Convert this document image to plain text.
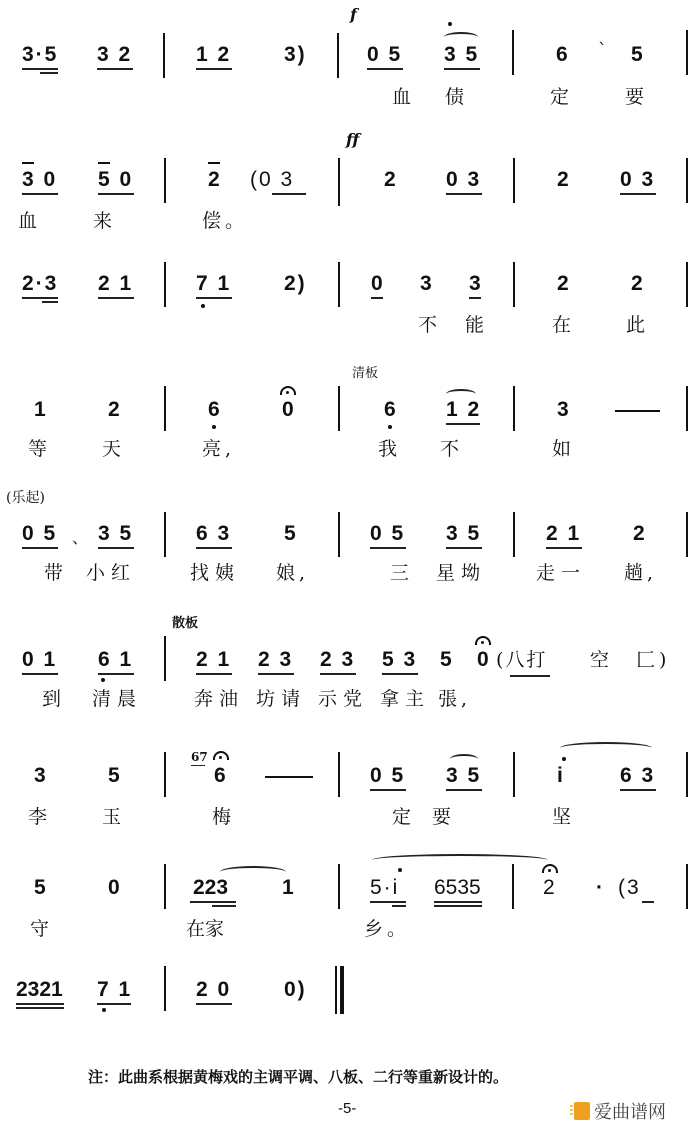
f
3·5 3 2	1 2	3)	0 5 3 5	6 ˋ 5
血 债	定	要
ff
3 0 5 0	2 (0 3	2 0 3	2 0 3
血	来	偿。
2·3 2 1	7 1	2)	0 3 3	2	2
不 能	在	此
清板
1	2	6	0	6 1 2	3
等	天	亮,	我 不	如
(乐起)
0 5 、 3 5	6 3	5	0 5 3 5	2 1 2
带 小 红	找 姨 娘,	三 星 坳	走 一 趟,
散板
0 1 6 1	2 1 2 3 2 3 5 3 5 0 (八打 空 匚)
到 清 晨	奔 油 坊 请 示 党 拿 主 張,
3	5
67
6	0 5 3 5	i	6 3
李	玉	梅	定 要	坚
5	0	223	1	5·i 6535	2 · (3
守	在家	乡。
2321 7 1	2 0	0)
注：此曲系根据黄梅戏的主调平调、八板、二行等重新设计的。
-5-	爱曲谱网
